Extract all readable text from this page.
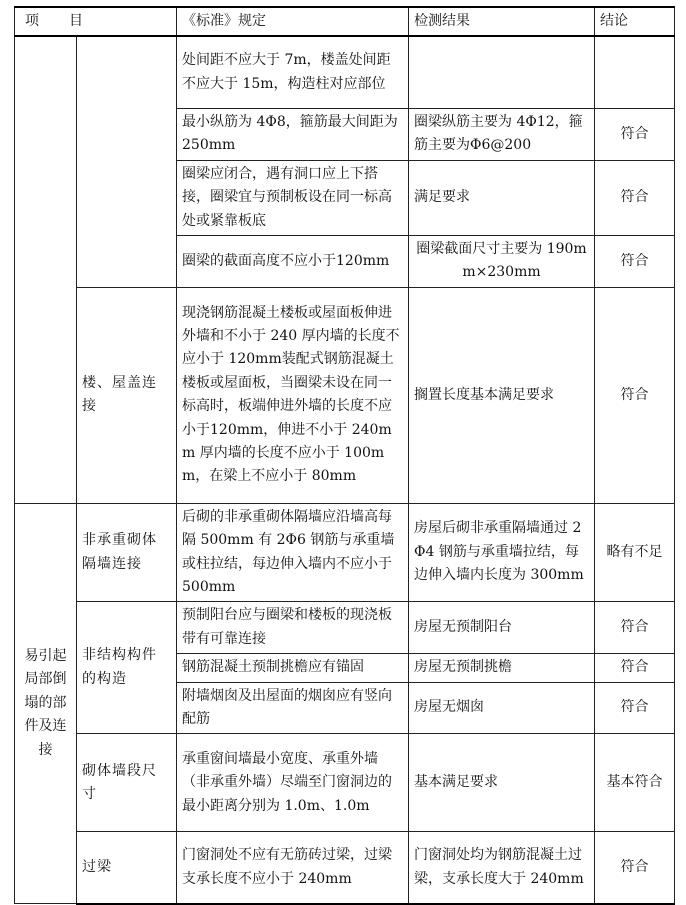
项 目		《标准》规定	检测结果	结论
		处间距不应大于 7m，楼盖处间距不应大于 15m，构造柱对应部位		
		最小纵筋为 4Φ8，箍筋最大间距为 250mm	圈梁纵筋主要为 4Φ12，箍筋主要为Φ6@200	符合
		圈梁应闭合，遇有洞口应上下搭接，圈梁宜与预制板设在同一标高处或紧靠板底	满足要求	符合
		圈梁的截面高度不应小于120mm	圈梁截面尺寸主要为 190mm×230mm	符合
	楼、屋盖连接	现浇钢筋混凝土楼板或屋面板伸进外墙和不小于 240 厚内墙的长度不应小于 120mm装配式钢筋混凝土楼板或屋面板，当圈梁未设在同一标高时，板端伸进外墙的长度不应小于120mm，伸进不小于 240mm 厚内墙的长度不应小于 100mm，在梁上不应小于 80mm	搁置长度基本满足要求	符合
易引起局部倒塌的部件及连接	非承重砌体隔墙连接	后砌的非承重砌体隔墙应沿墙高每隔 500mm 有 2Φ6 钢筋与承重墙或柱拉结，每边伸入墙内不应小于 500mm	房屋后砌非承重隔墙通过 2Φ4 钢筋与承重墙拉结，每边伸入墙内长度为 300mm	略有不足
	非结构构件的构造	预制阳台应与圈梁和楼板的现浇板带有可靠连接	房屋无预制阳台	符合
		钢筋混凝土预制挑檐应有锚固	房屋无预制挑檐	符合
		附墙烟囱及出屋面的烟囱应有竖向配筋	房屋无烟囱	符合
	砌体墙段尺寸	承重窗间墙最小宽度、承重外墙（非承重外墙）尽端至门窗洞边的最小距离分别为 1.0m、1.0m	基本满足要求	基本符合
	过梁	门窗洞处不应有无筋砖过梁，过梁支承长度不应小于 240mm	门窗洞处均为钢筋混凝土过梁，支承长度大于 240mm	符合
